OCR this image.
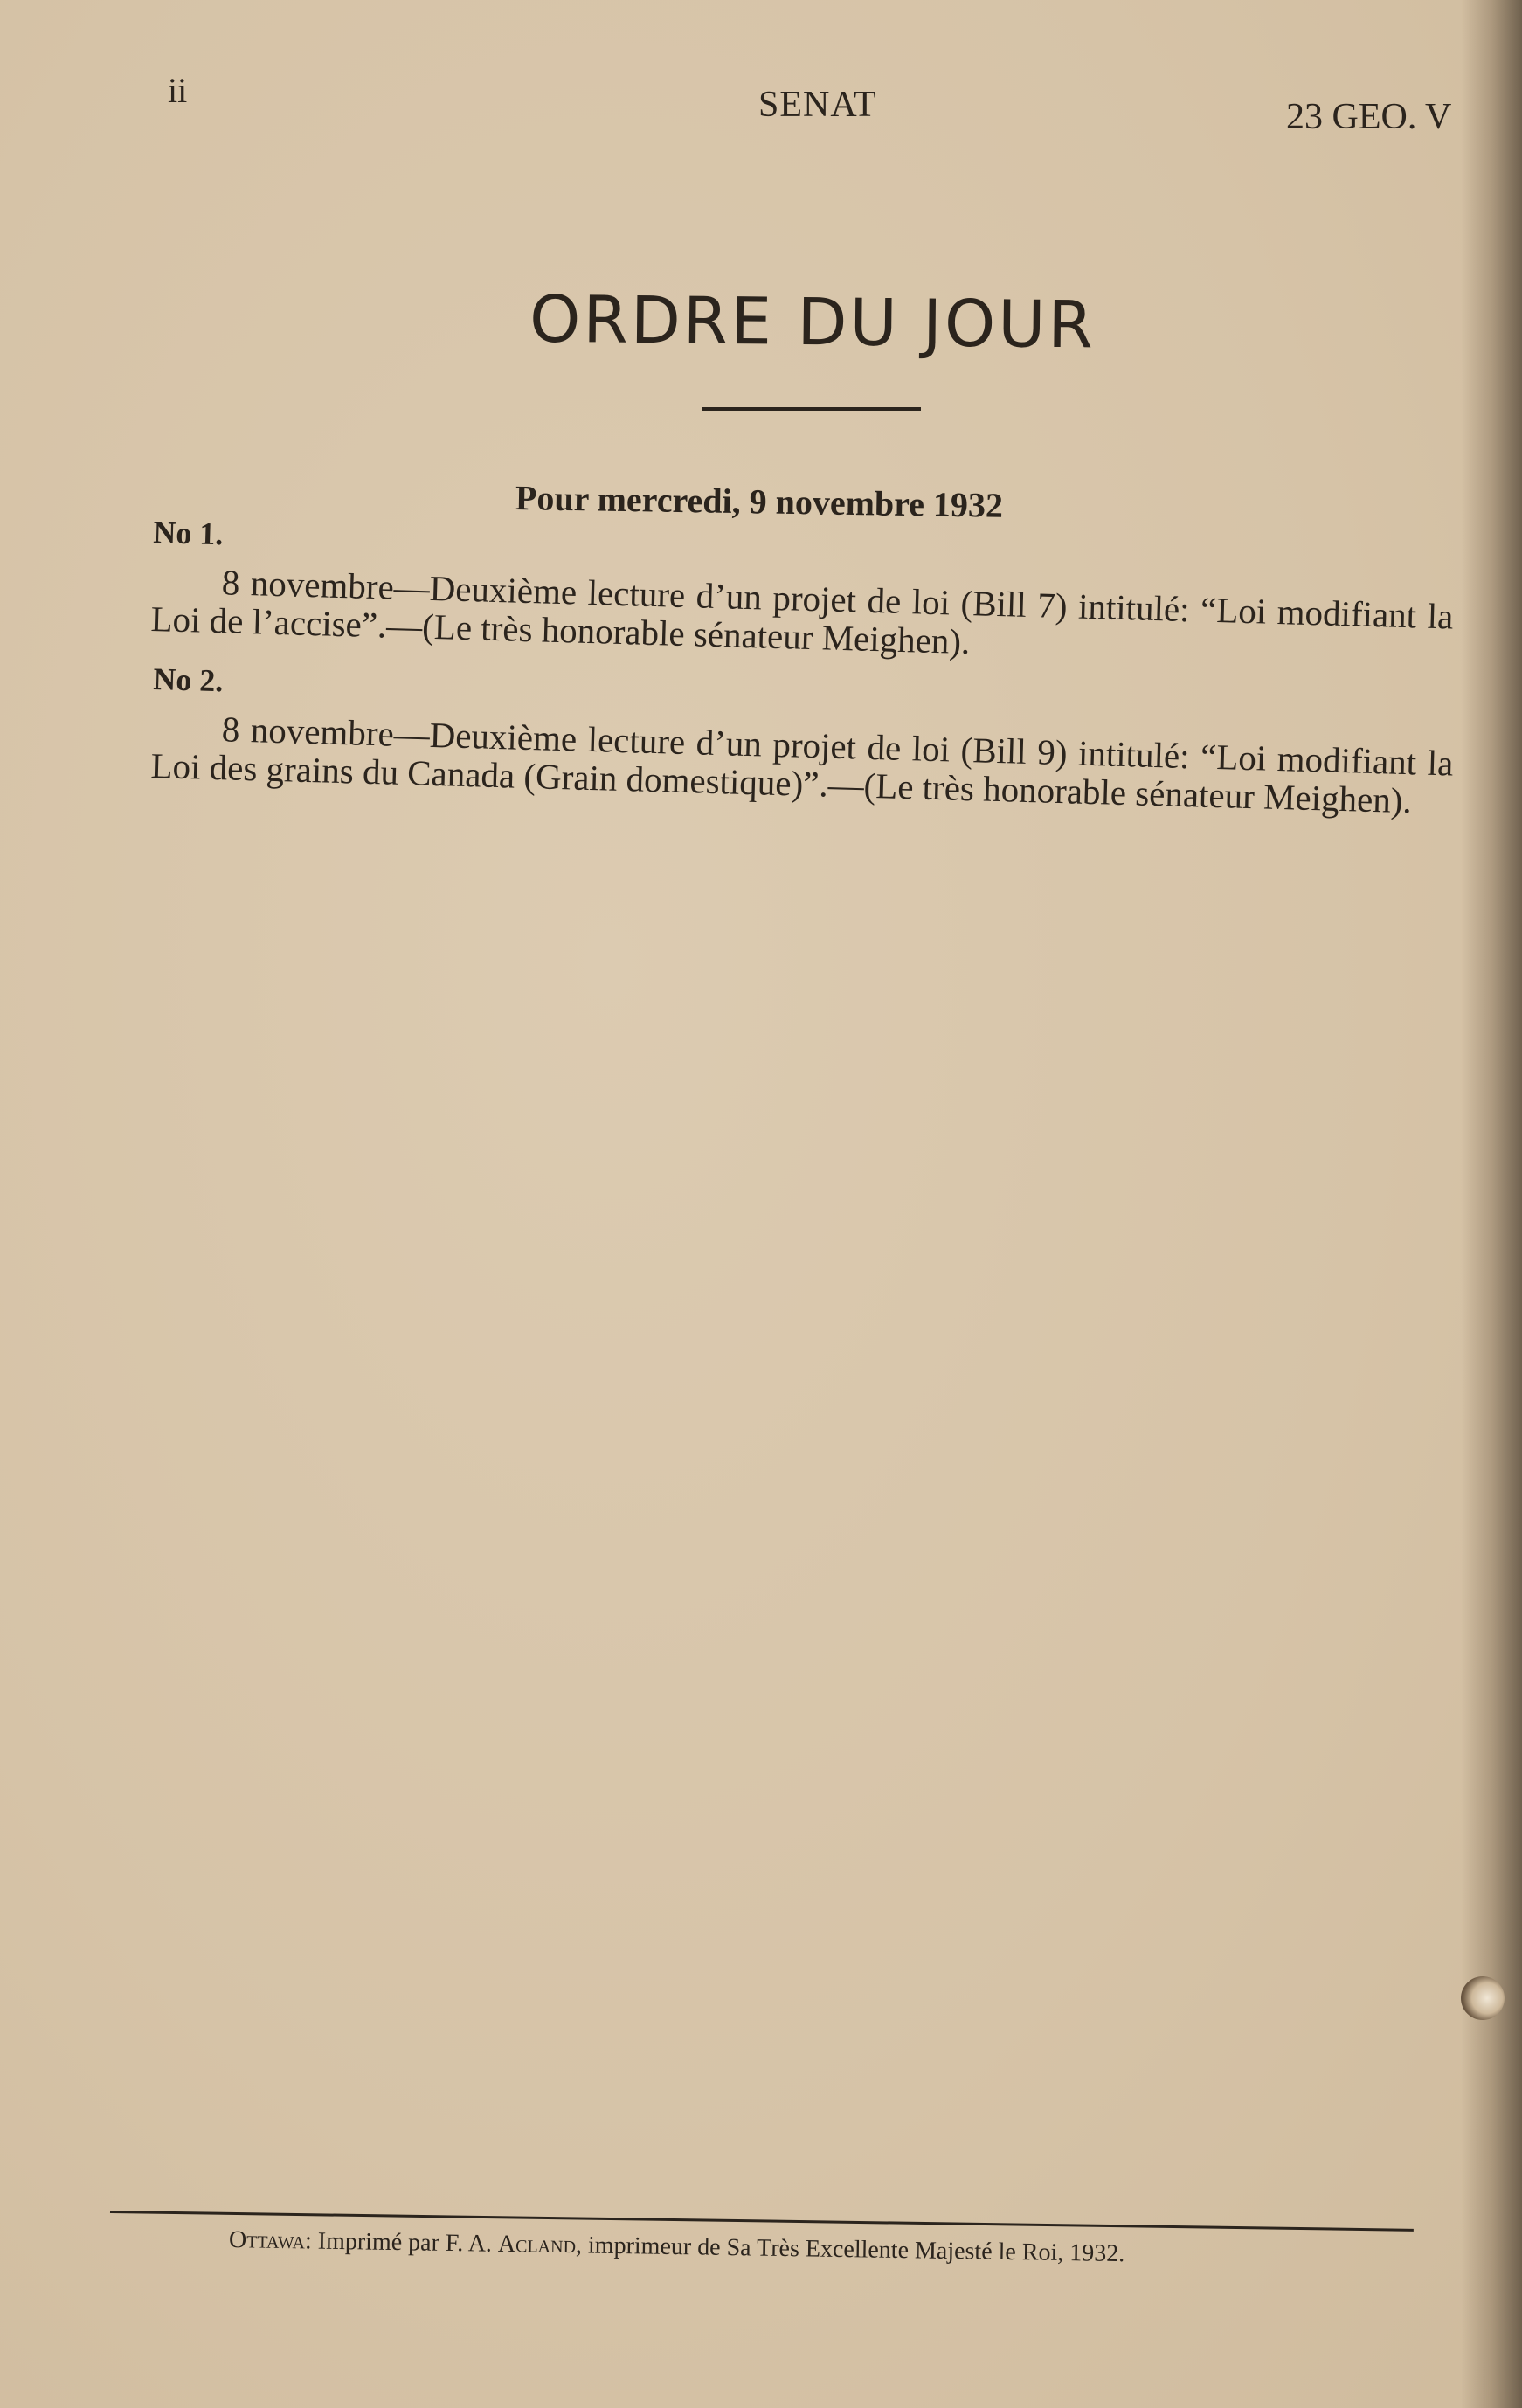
ii	SENAT	23 GEO. V
ORDRE DU JOUR
Pour mercredi, 9 novembre 1932
No 1.

8 novembre—Deuxième lecture d’un projet de loi (Bill 7) intitulé: “Loi modifiant la Loi de l’accise”.—(Le très honorable sénateur Meighen).

No 2.

8 novembre—Deuxième lecture d’un projet de loi (Bill 9) intitulé: “Loi modifiant la Loi des grains du Canada (Grain domestique)”.—(Le très honorable sénateur Meighen).

Ottawa: Imprimé par F. A. Acland, imprimeur de Sa Très Excellente Majesté le Roi, 1932.
